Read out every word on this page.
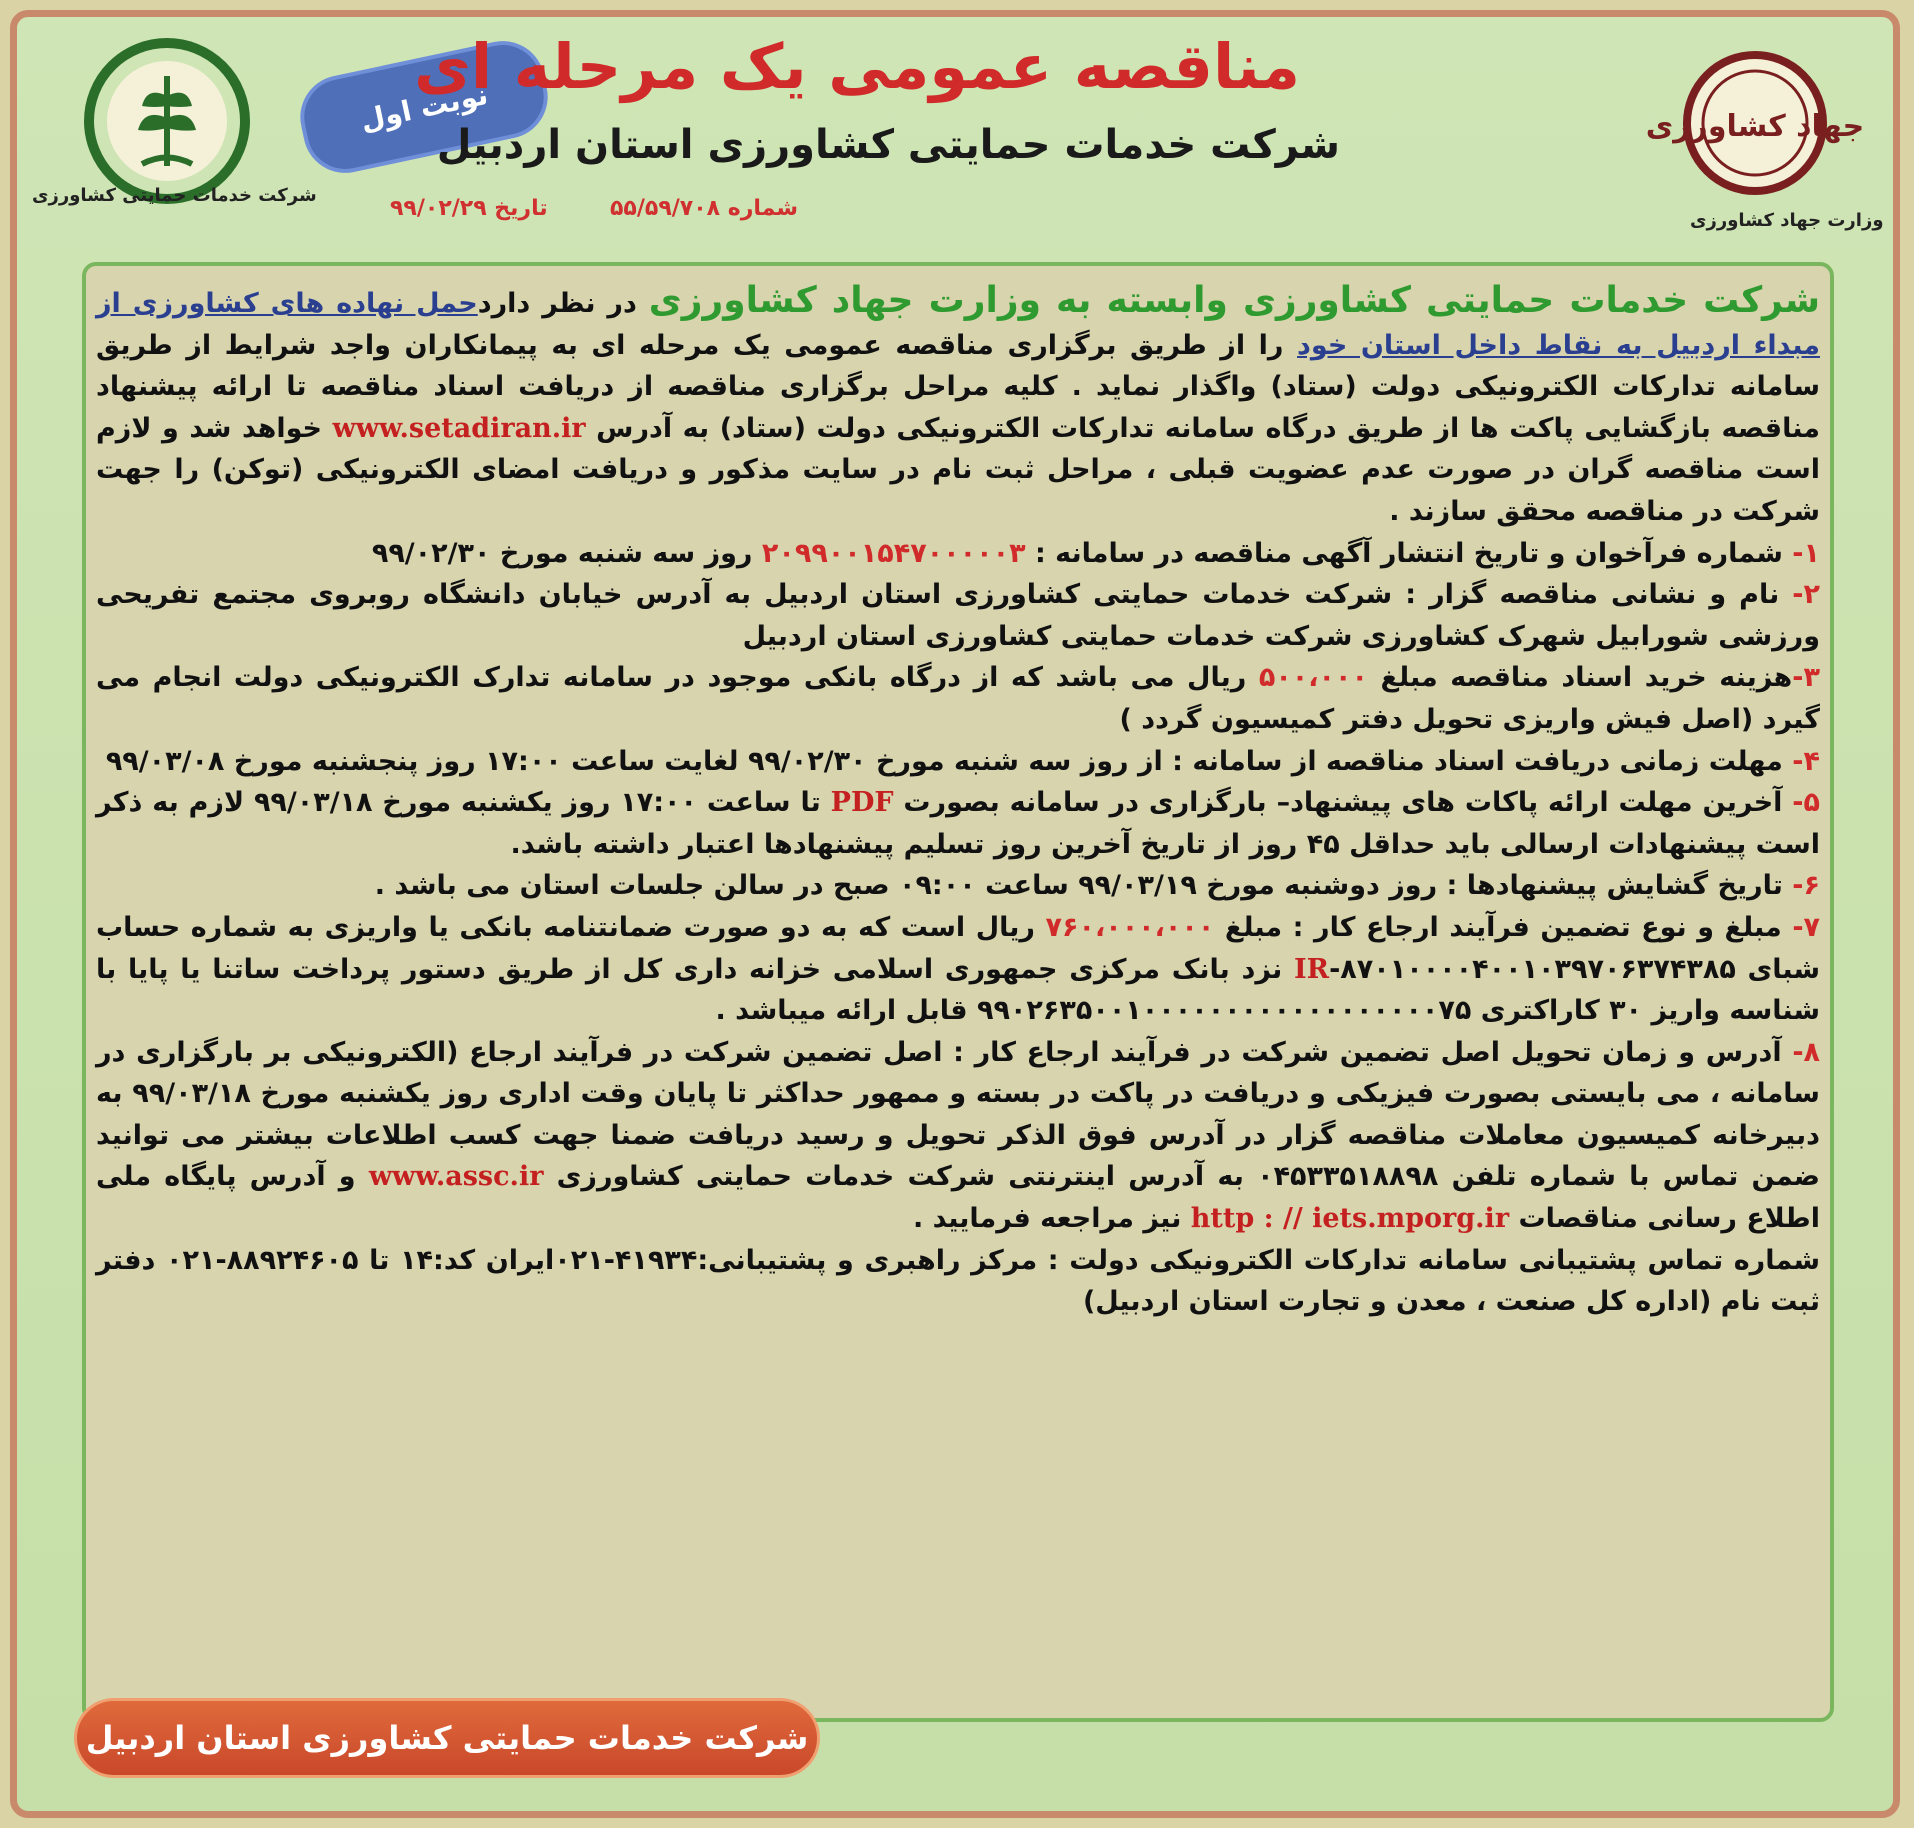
شرکت خدمات حمایتی کشاورزی
جهاد کشاورزی
وزارت جهاد کشاورزی
نوبت اول
مناقصه عمومی یک مرحله ای
شرکت خدمات حمایتی کشاورزی استان اردبیل
شماره ۵۵/۵۹/۷۰۸
تاریخ ۹۹/۰۲/۲۹

شرکت خدمات حمایتی کشاورزی وابسته به وزارت جهاد کشاورزی در نظر داردحمل نهاده های کشاورزی از مبداء اردبیل به نقاط داخل استان خود را از طریق برگزاری مناقصه عمومی یک مرحله ای به پیمانکاران واجد شرایط از طریق سامانه تدارکات الکترونیکی دولت (ستاد) واگذار نماید . کلیه مراحل برگزاری مناقصه از دریافت اسناد مناقصه تا ارائه پیشنهاد مناقصه بازگشایی پاکت ها از طریق درگاه سامانه تدارکات الکترونیکی دولت (ستاد) به آدرس www.setadiran.ir خواهد شد و لازم است مناقصه گران در صورت عدم عضویت قبلی ، مراحل ثبت نام در سایت مذکور و دریافت امضای الکترونیکی (توکن) را جهت شرکت در مناقصه محقق سازند .

۱- شماره فرآخوان و تاریخ انتشار آگهی مناقصه در سامانه : ۲۰۹۹۰۰۱۵۴۷۰۰۰۰۰۳ روز سه شنبه مورخ ۹۹/۰۲/۳۰

۲- نام و نشانی مناقصه گزار : شرکت خدمات حمایتی کشاورزی استان اردبیل به آدرس خیابان دانشگاه روبروی مجتمع تفریحی ورزشی شورابیل شهرک کشاورزی شرکت خدمات حمایتی کشاورزی استان اردبیل

۳-هزینه خرید اسناد مناقصه مبلغ ۵۰۰،۰۰۰ ریال می باشد که از درگاه بانکی موجود در سامانه تدارک الکترونیکی دولت انجام می گیرد (اصل فیش واریزی تحویل دفتر کمیسیون گردد )

۴- مهلت زمانی دریافت اسناد مناقصه از سامانه : از روز سه شنبه مورخ ۹۹/۰۲/۳۰ لغایت ساعت ۱۷:۰۰ روز پنجشنبه مورخ ۹۹/۰۳/۰۸

۵- آخرین مهلت ارائه پاکات های پیشنهاد– بارگزاری در سامانه بصورت PDF تا ساعت ۱۷:۰۰ روز یکشنبه مورخ ۹۹/۰۳/۱۸ لازم به ذکر است پیشنهادات ارسالی باید حداقل ۴۵ روز از تاریخ آخرین روز تسلیم پیشنهادها اعتبار داشته باشد.

۶- تاریخ گشایش پیشنهادها : روز دوشنبه مورخ ۹۹/۰۳/۱۹ ساعت ۰۹:۰۰ صبح در سالن جلسات استان می باشد .

۷- مبلغ و نوع تضمین فرآیند ارجاع کار : مبلغ ۷۶۰،۰۰۰،۰۰۰ ریال است که به دو صورت ضمانتنامه بانکی یا واریزی به شماره حساب شبای ۸۷۰۱۰۰۰۰۴۰۰۱۰۳۹۷۰۶۳۷۴۳۸۵-IR نزد بانک مرکزی جمهوری اسلامی خزانه داری کل از طریق دستور پرداخت ساتنا یا پایا با شناسه واریز ۳۰ کاراکتری ۹۹۰۲۶۳۵۰۰۱۰۰۰۰۰۰۰۰۰۰۰۰۰۰۰۰۰۰۷۵ قابل ارائه میباشد .

۸- آدرس و زمان تحویل اصل تضمین شرکت در فرآیند ارجاع کار : اصل تضمین شرکت در فرآیند ارجاع (الکترونیکی بر بارگزاری در سامانه ، می بایستی بصورت فیزیکی و دریافت در پاکت در بسته و ممهور حداکثر تا پایان وقت اداری روز یکشنبه مورخ ۹۹/۰۳/۱۸ به دبیرخانه کمیسیون معاملات مناقصه گزار در آدرس فوق الذکر تحویل و رسید دریافت ضمنا جهت کسب اطلاعات بیشتر می توانید ضمن تماس با شماره تلفن ۰۴۵۳۳۵۱۸۸۹۸ به آدرس اینترنتی شرکت خدمات حمایتی کشاورزی www.assc.ir و آدرس پایگاه ملی اطلاع رسانی مناقصات http : // iets.mporg.ir نیز مراجعه فرمایید .

شماره تماس پشتیبانی سامانه تدارکات الکترونیکی دولت : مرکز راهبری و پشتیبانی:۴۱۹۳۴-۰۲۱ایران کد:۱۴ تا ۸۸۹۲۴۶۰۵-۰۲۱ دفتر ثبت نام (اداره کل صنعت ، معدن و تجارت استان اردبیل)

شرکت خدمات حمایتی کشاورزی استان اردبیل
